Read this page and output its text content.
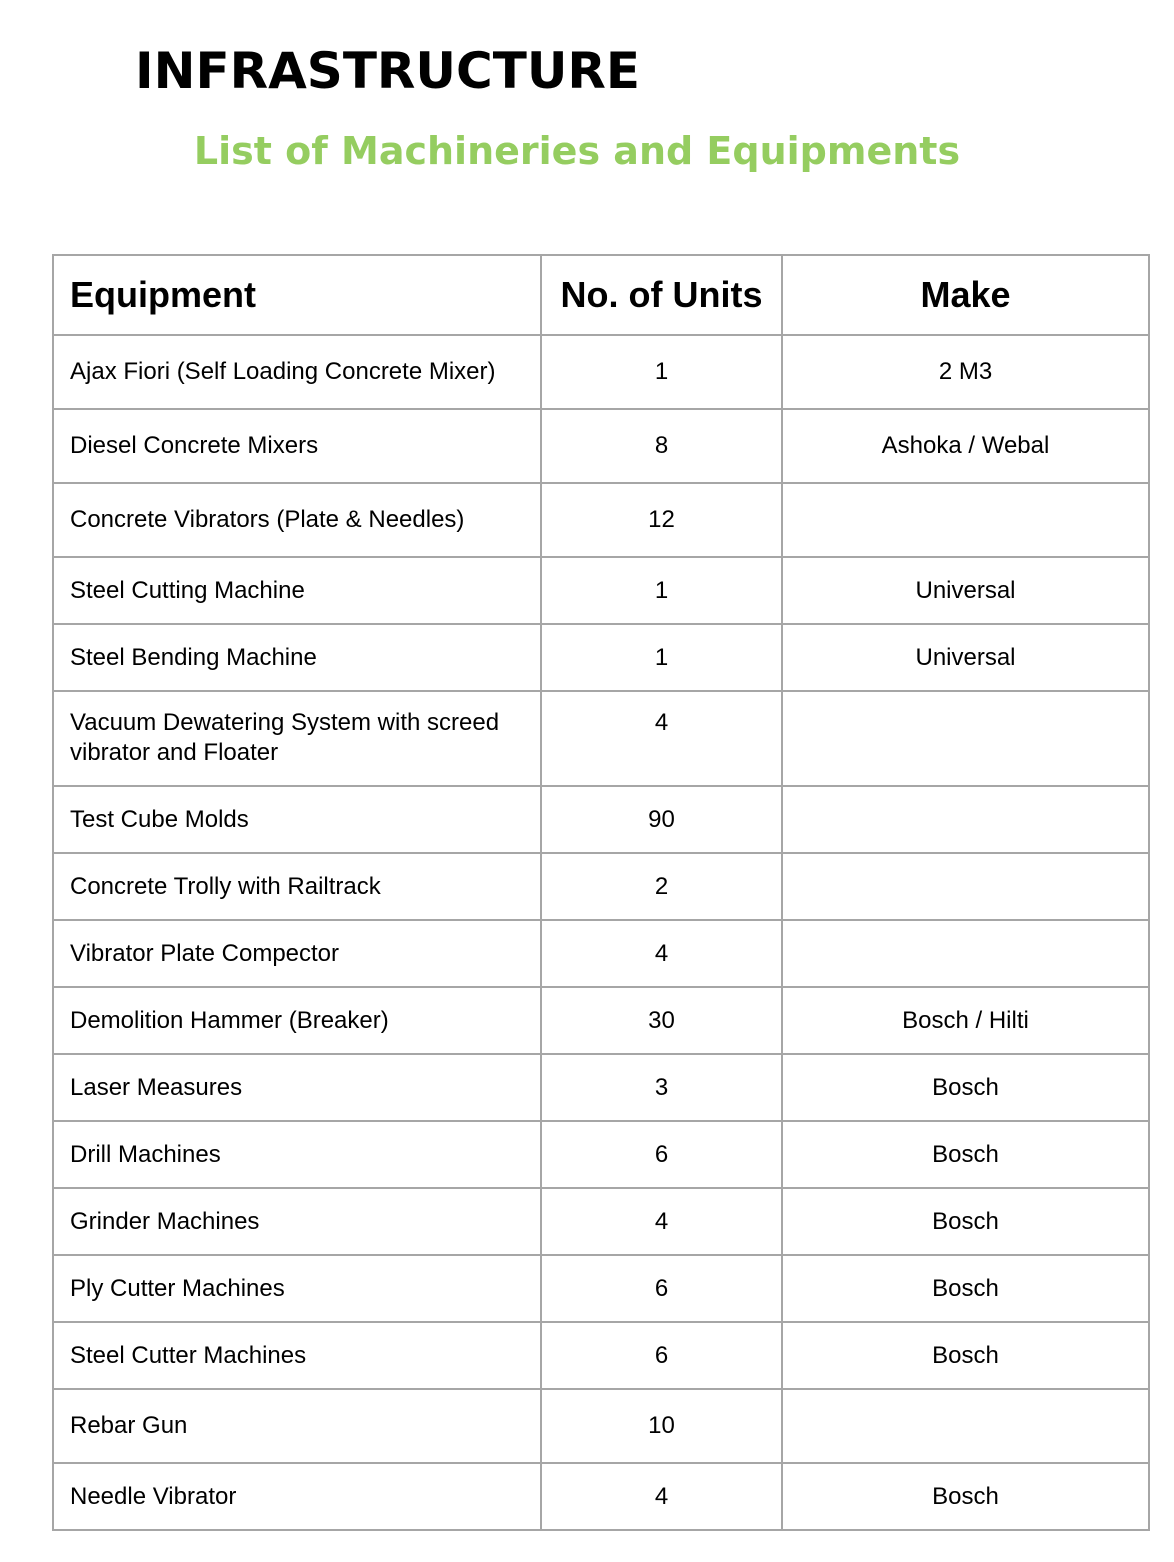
INFRASTRUCTURE
List of Machineries and Equipments
Equipment	No. of Units	Make
Ajax Fiori (Self Loading Concrete Mixer)	1	2 M3
Diesel Concrete Mixers	8	Ashoka / Webal
Concrete Vibrators (Plate & Needles)	12	
Steel Cutting Machine	1	Universal
Steel Bending Machine	1	Universal
Vacuum Dewatering System with screed vibrator and Floater	4	
Test Cube Molds	90	
Concrete Trolly with Railtrack	2	
Vibrator Plate Compector	4	
Demolition Hammer (Breaker)	30	Bosch / Hilti
Laser Measures	3	Bosch
Drill Machines	6	Bosch
Grinder Machines	4	Bosch
Ply Cutter Machines	6	Bosch
Steel Cutter Machines	6	Bosch
Rebar Gun	10	
Needle Vibrator	4	Bosch
